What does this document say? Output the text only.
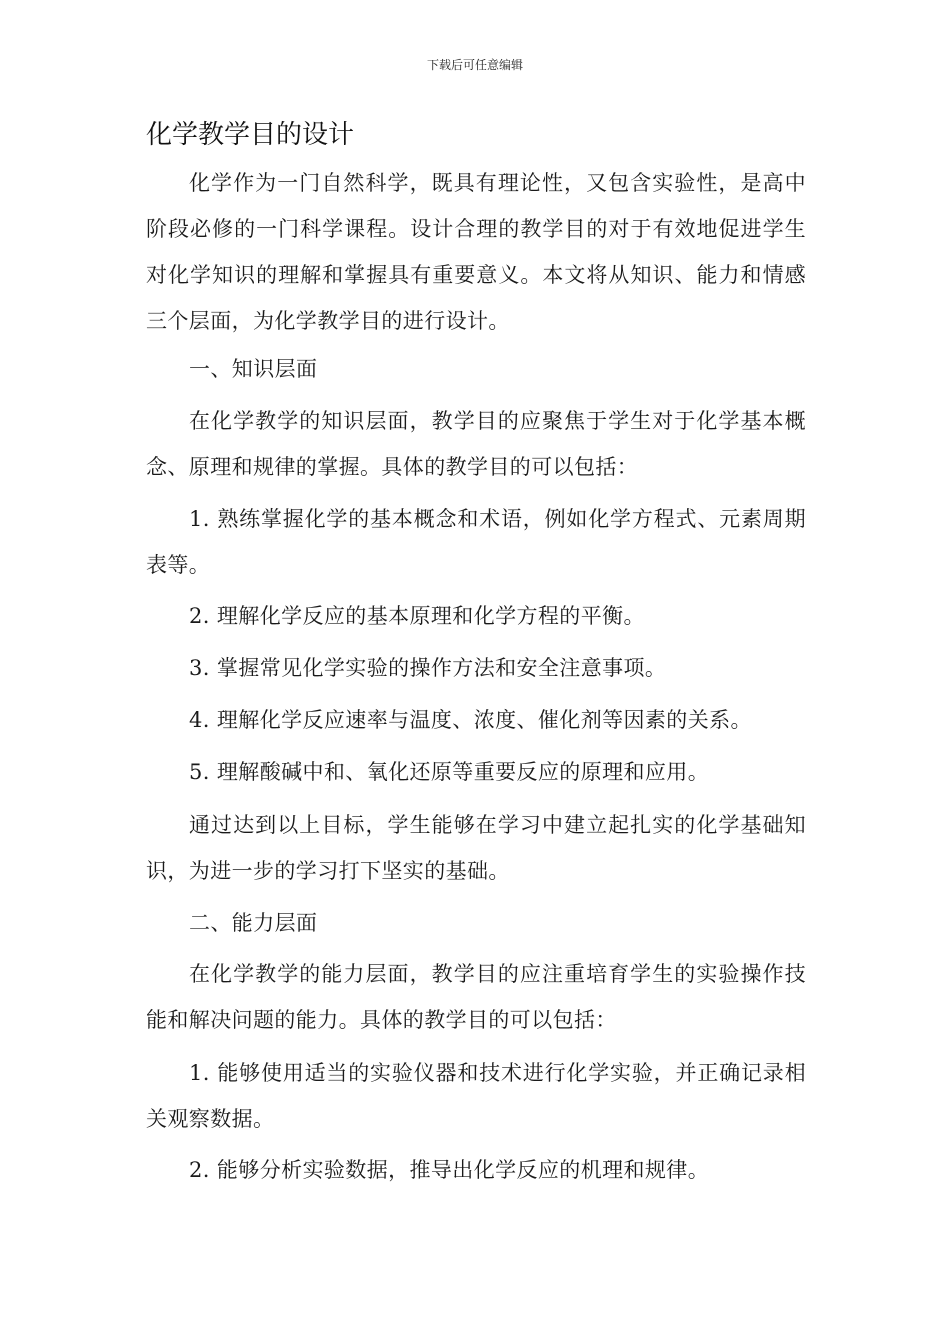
下载后可任意编辑
化学教学目的设计

化学作为一门自然科学，既具有理论性，又包含实验性，是高中阶段必修的一门科学课程。设计合理的教学目的对于有效地促进学生对化学知识的理解和掌握具有重要意义。本文将从知识、能力和情感三个层面，为化学教学目的进行设计。

一、知识层面

在化学教学的知识层面，教学目的应聚焦于学生对于化学基本概念、原理和规律的掌握。具体的教学目的可以包括：

1. 熟练掌握化学的基本概念和术语，例如化学方程式、元素周期表等。

2. 理解化学反应的基本原理和化学方程的平衡。

3. 掌握常见化学实验的操作方法和安全注意事项。

4. 理解化学反应速率与温度、浓度、催化剂等因素的关系。

5. 理解酸碱中和、氧化还原等重要反应的原理和应用。

通过达到以上目标，学生能够在学习中建立起扎实的化学基础知识，为进一步的学习打下坚实的基础。

二、能力层面

在化学教学的能力层面，教学目的应注重培育学生的实验操作技能和解决问题的能力。具体的教学目的可以包括：

1. 能够使用适当的实验仪器和技术进行化学实验，并正确记录相关观察数据。

2. 能够分析实验数据，推导出化学反应的机理和规律。
